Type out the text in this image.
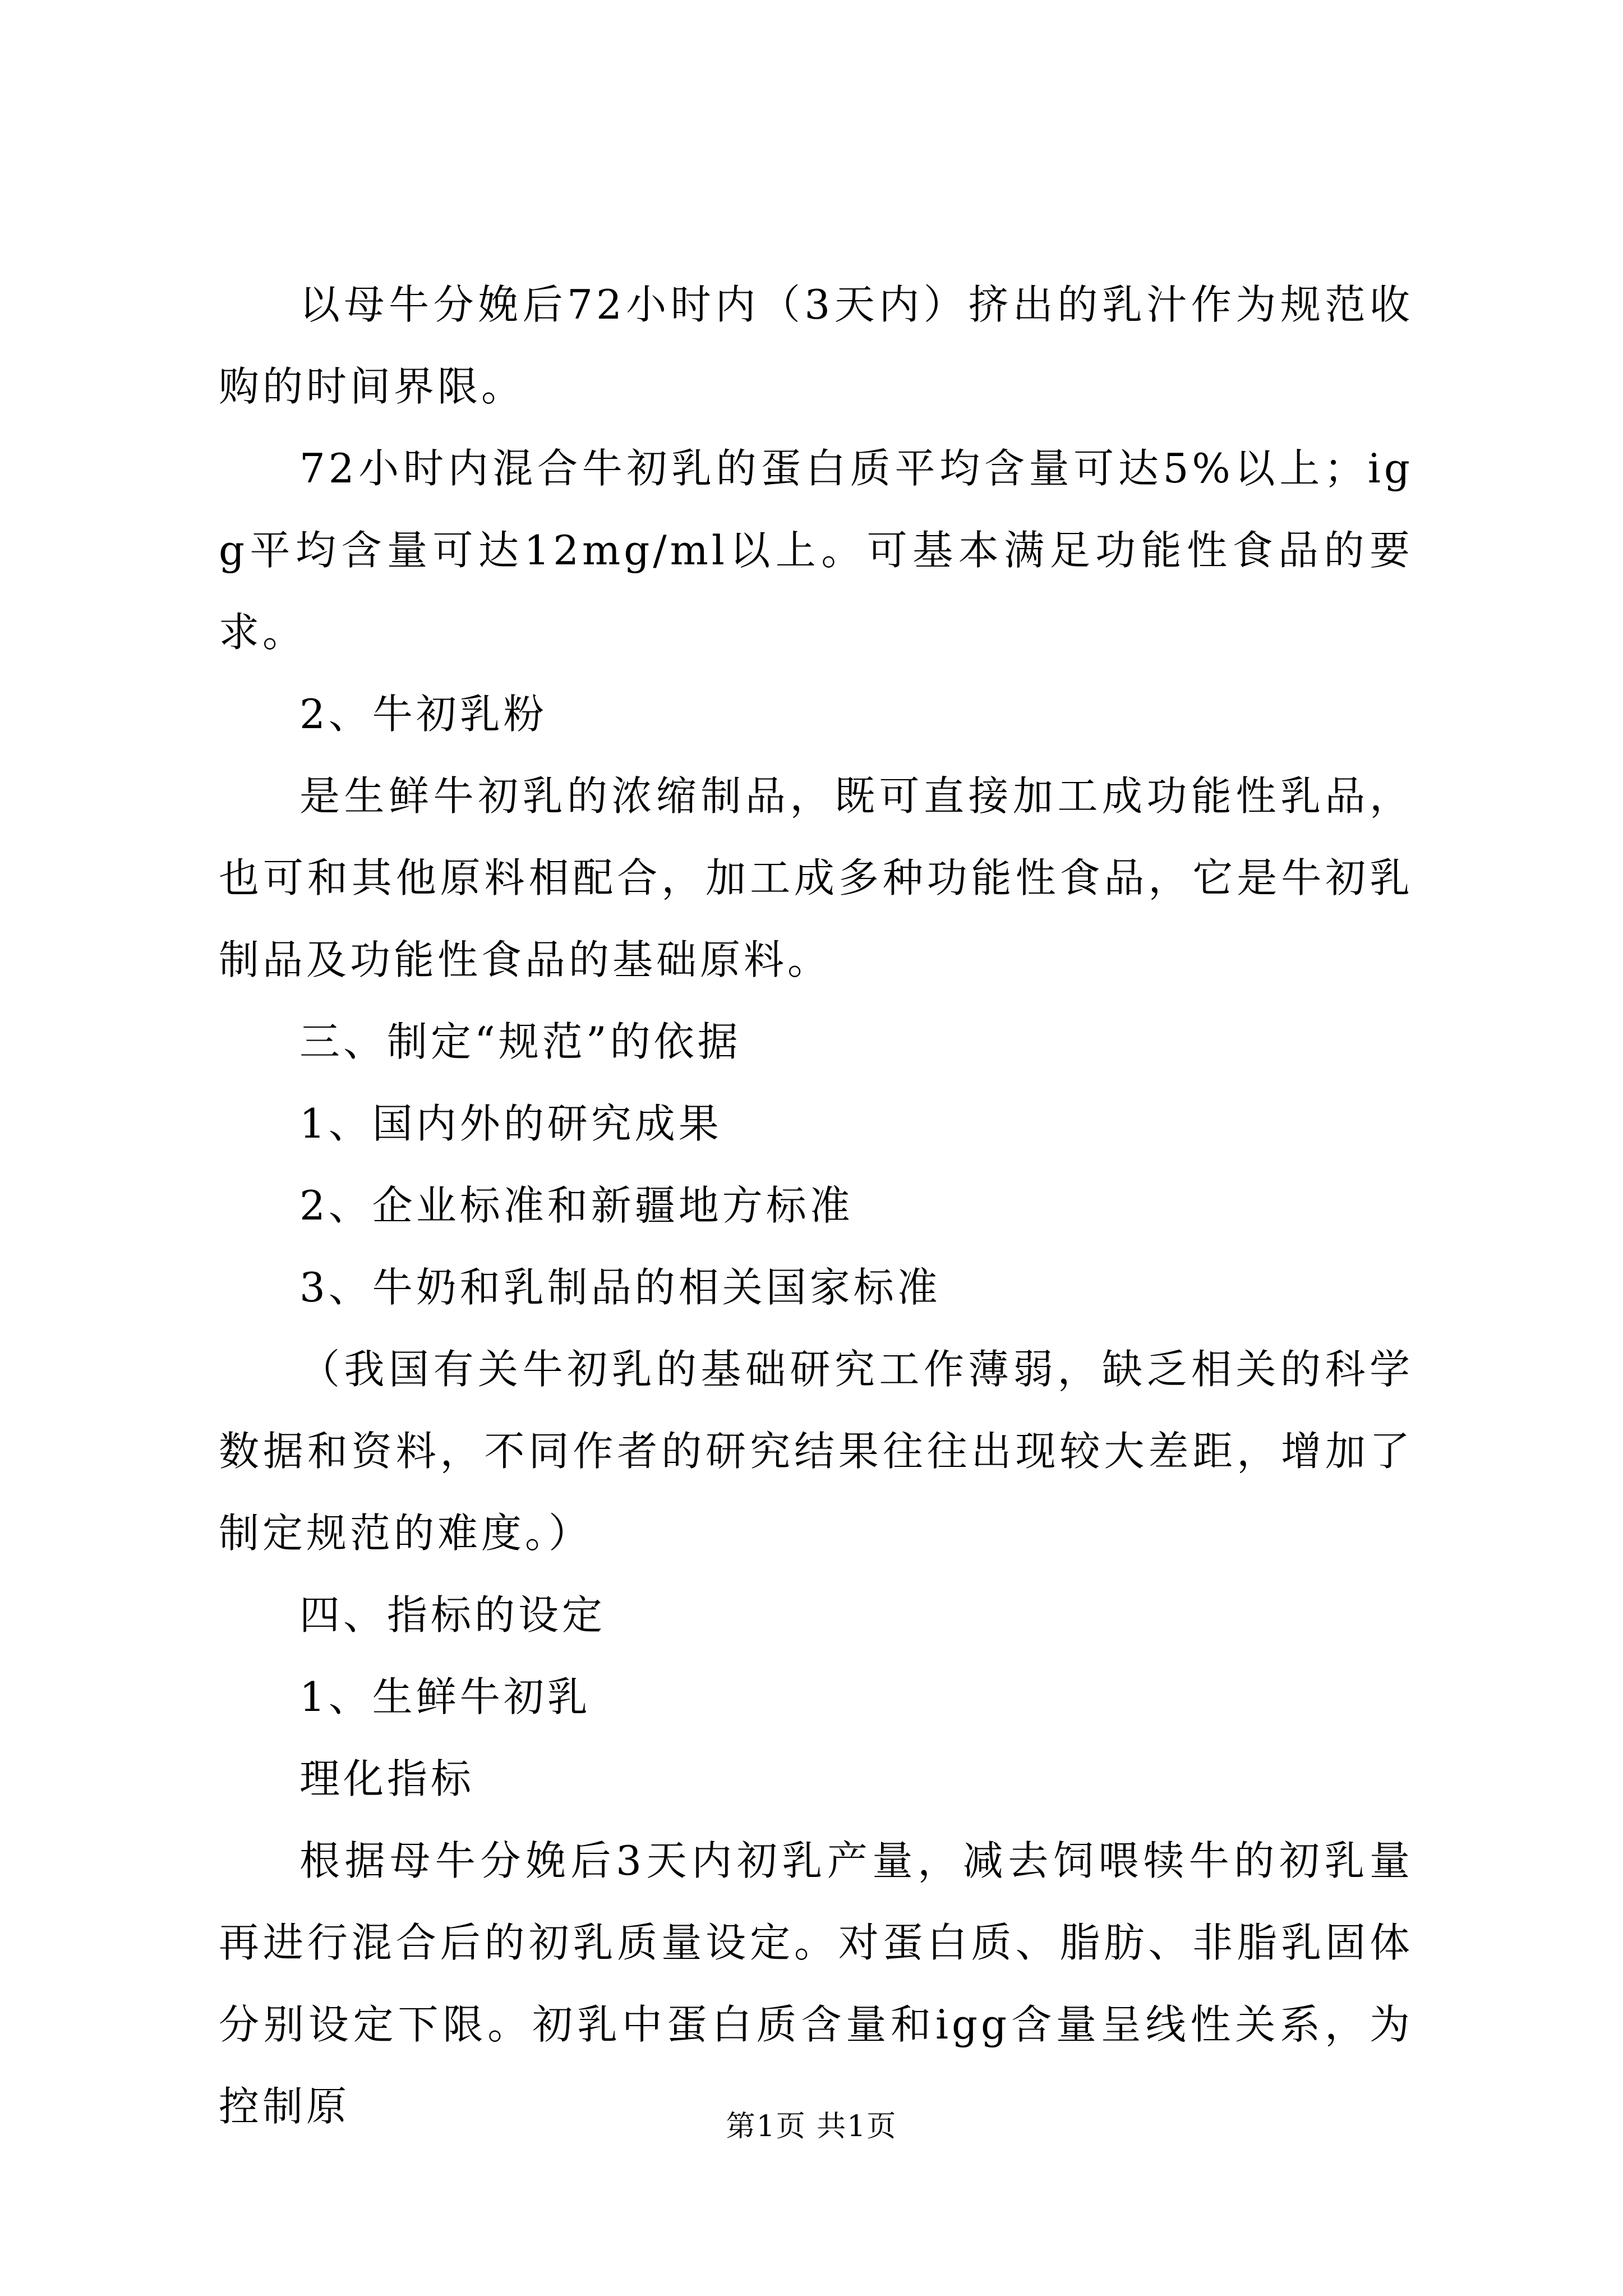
以母牛分娩后72小时内（3天内）挤出的乳汁作为规范收购的时间界限。

72小时内混合牛初乳的蛋白质平均含量可达5%以上；igg平均含量可达12mg/ml以上。可基本满足功能性食品的要求。

2、牛初乳粉

是生鲜牛初乳的浓缩制品，既可直接加工成功能性乳品，也可和其他原料相配合，加工成多种功能性食品，它是牛初乳制品及功能性食品的基础原料。

三、制定“规范”的依据

1、国内外的研究成果

2、企业标准和新疆地方标准

3、牛奶和乳制品的相关国家标准

（我国有关牛初乳的基础研究工作薄弱，缺乏相关的科学数据和资料，不同作者的研究结果往往出现较大差距，增加了制定规范的难度。）

四、指标的设定

1、生鲜牛初乳

理化指标

根据母牛分娩后3天内初乳产量，减去饲喂犊牛的初乳量再进行混合后的初乳质量设定。对蛋白质、脂肪、非脂乳固体分别设定下限。初乳中蛋白质含量和igg含量呈线性关系，为控制原	第1页 共1页
